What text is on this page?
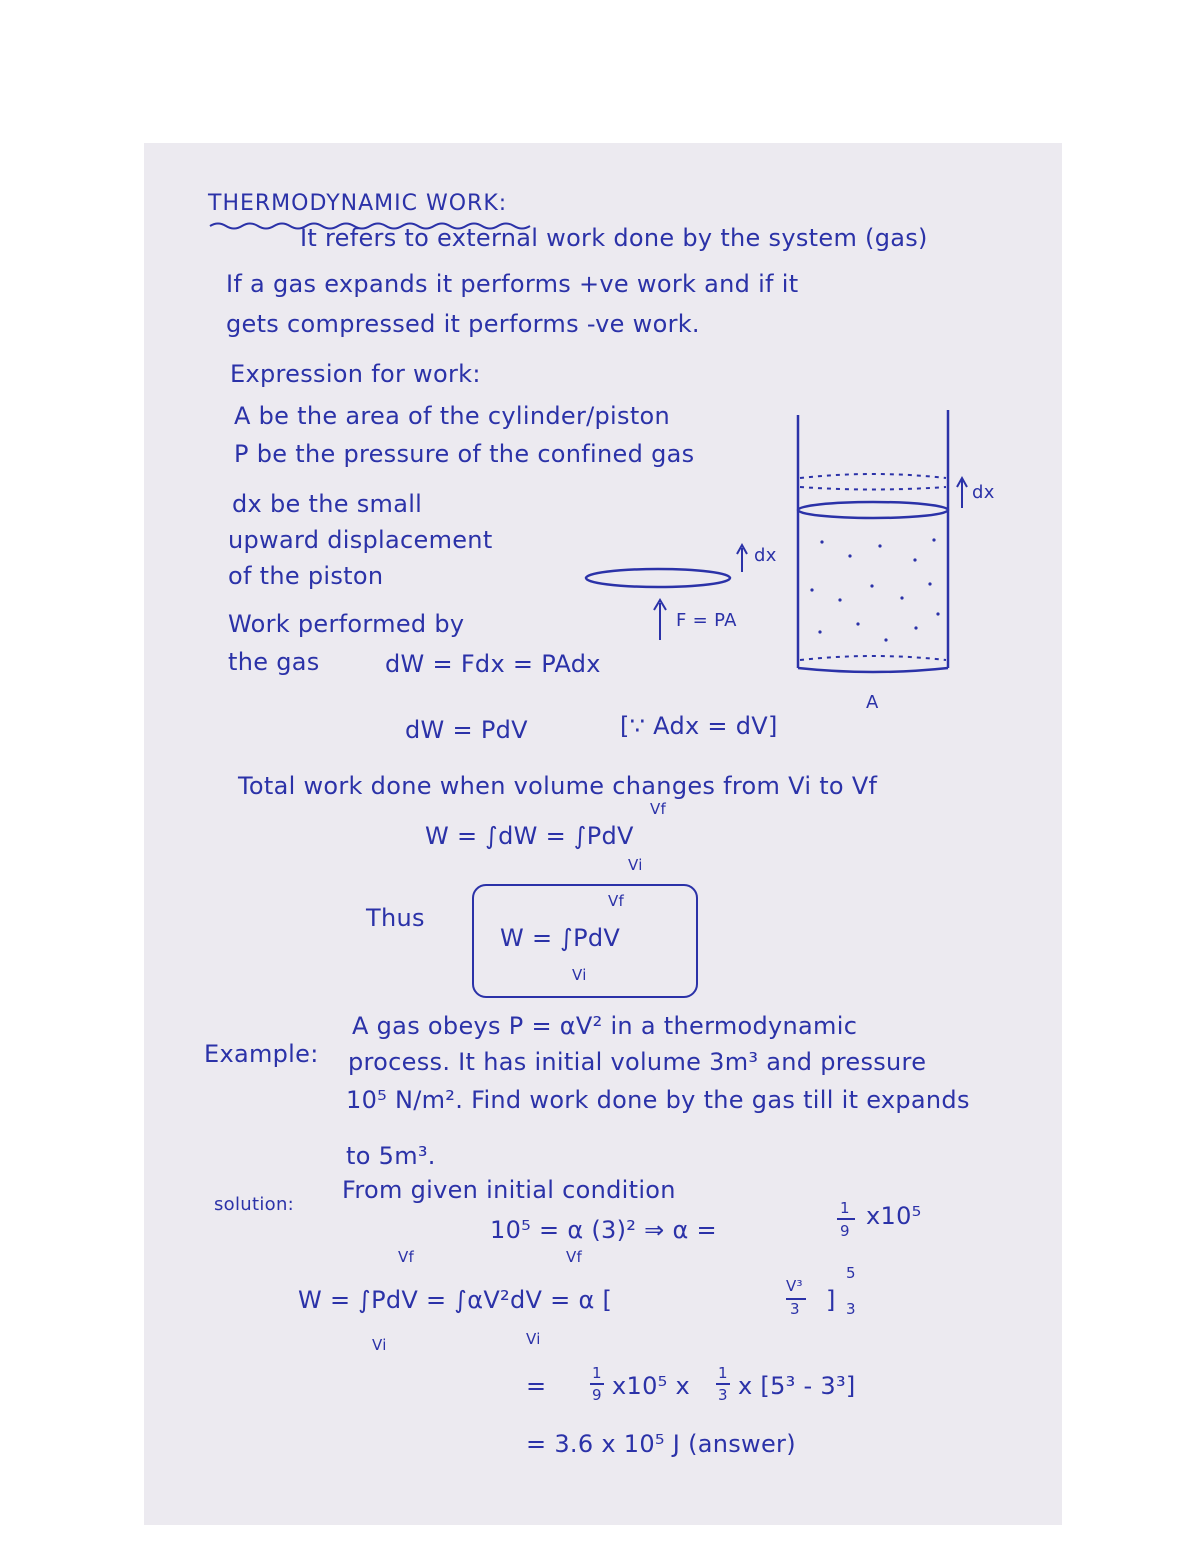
THERMODYNAMIC WORK:
It refers to external work done by the system (gas)
If a gas expands it performs +ve work and if it
gets compressed it performs -ve work.
Expression for work:
A be the area of the cylinder/piston
P be the pressure of the confined gas
dx be the small
upward displacement
of the piston
Work performed by
the gas	dW = Fdx = PAdx
dx
F = PA
dx
A
dW = PdV	[∵ Adx = dV]
Total work done when volume changes from Vi to Vf
W = ∫dW = ∫PdV
Vf
Vi
Thus
W = ∫PdV
Vf
Vi
Example:
A gas obeys P = αV² in a thermodynamic
process. It has initial volume 3m³ and pressure
10⁵ N/m². Find work done by the gas till it expands
to 5m³.
solution:
From given initial condition
10⁵ = α (3)² ⇒ α =
1
9
x10⁵
W = ∫PdV = ∫αV²dV = α [	V³
3 ]
5
3
Vf
Vi
Vf
Vi
=	1
9 x10⁵ x 1
3 x [5³ - 3³]
= 3.6 x 10⁵ J (answer)
